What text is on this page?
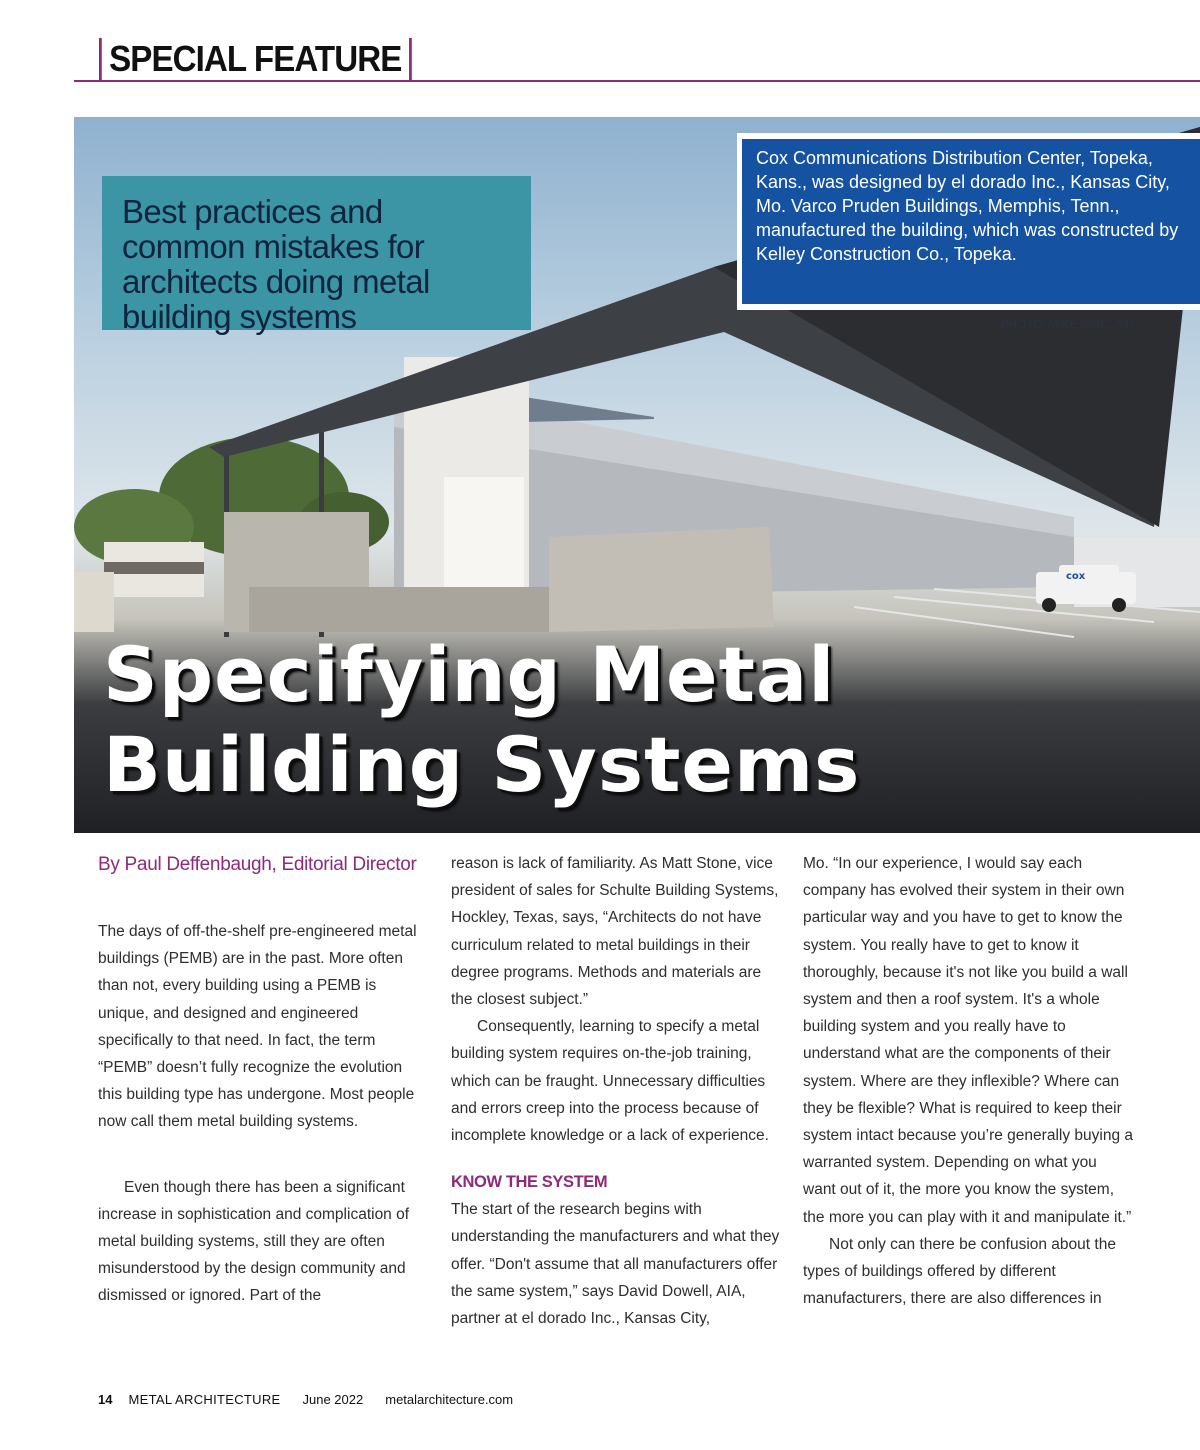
SPECIAL FEATURE
cox
Best practices and common mistakes for architects doing metal building systems
Cox Communications Distribution Center, Topeka, Kans., was designed by el dorado Inc., Kansas City, Mo. Varco Pruden Buildings, Memphis, Tenn., manufactured the building, which was constructed by Kelley Construction Co., Topeka.
PHOTO: MIKE SINCLAIR
Specifying Metal
Building Systems
By Paul Deffenbaugh, Editorial Director

The days of off-the-shelf pre-engineered metal buildings (PEMB) are in the past. More often than not, every building using a PEMB is unique, and designed and engineered specifically to that need. In fact, the term “PEMB” doesn’t fully recognize the evolution this building type has undergone. Most people now call them metal building systems.

Even though there has been a significant increase in sophistication and complication of metal building systems, still they are often misunderstood by the design community and dismissed or ignored. Part of the

reason is lack of familiarity. As Matt Stone, vice president of sales for Schulte Building Systems, Hockley, Texas, says, “Architects do not have curriculum related to metal buildings in their degree programs. Methods and materials are the closest subject.”

Consequently, learning to specify a metal building system requires on-the-job training, which can be fraught. Unnecessary difficulties and errors creep into the process because of incomplete knowledge or a lack of experience.

KNOW THE SYSTEM

The start of the research begins with understanding the manufacturers and what they offer. “Don't assume that all manufacturers offer the same system,” says David Dowell, AIA, partner at el dorado Inc., Kansas City,

Mo. “In our experience, I would say each company has evolved their system in their own particular way and you have to get to know the system. You really have to get to know it thoroughly, because it's not like you build a wall system and then a roof system. It's a whole building system and you really have to understand what are the components of their system. Where are they inflexible? Where can they be flexible? What is required to keep their system intact because you’re generally buying a warranted system. Depending on what you want out of it, the more you know the system, the more you can play with it and manipulate it.”

Not only can there be confusion about the types of buildings offered by different manufacturers, there are also differences in

14 METAL ARCHITECTURE June 2022 metalarchitecture.com
